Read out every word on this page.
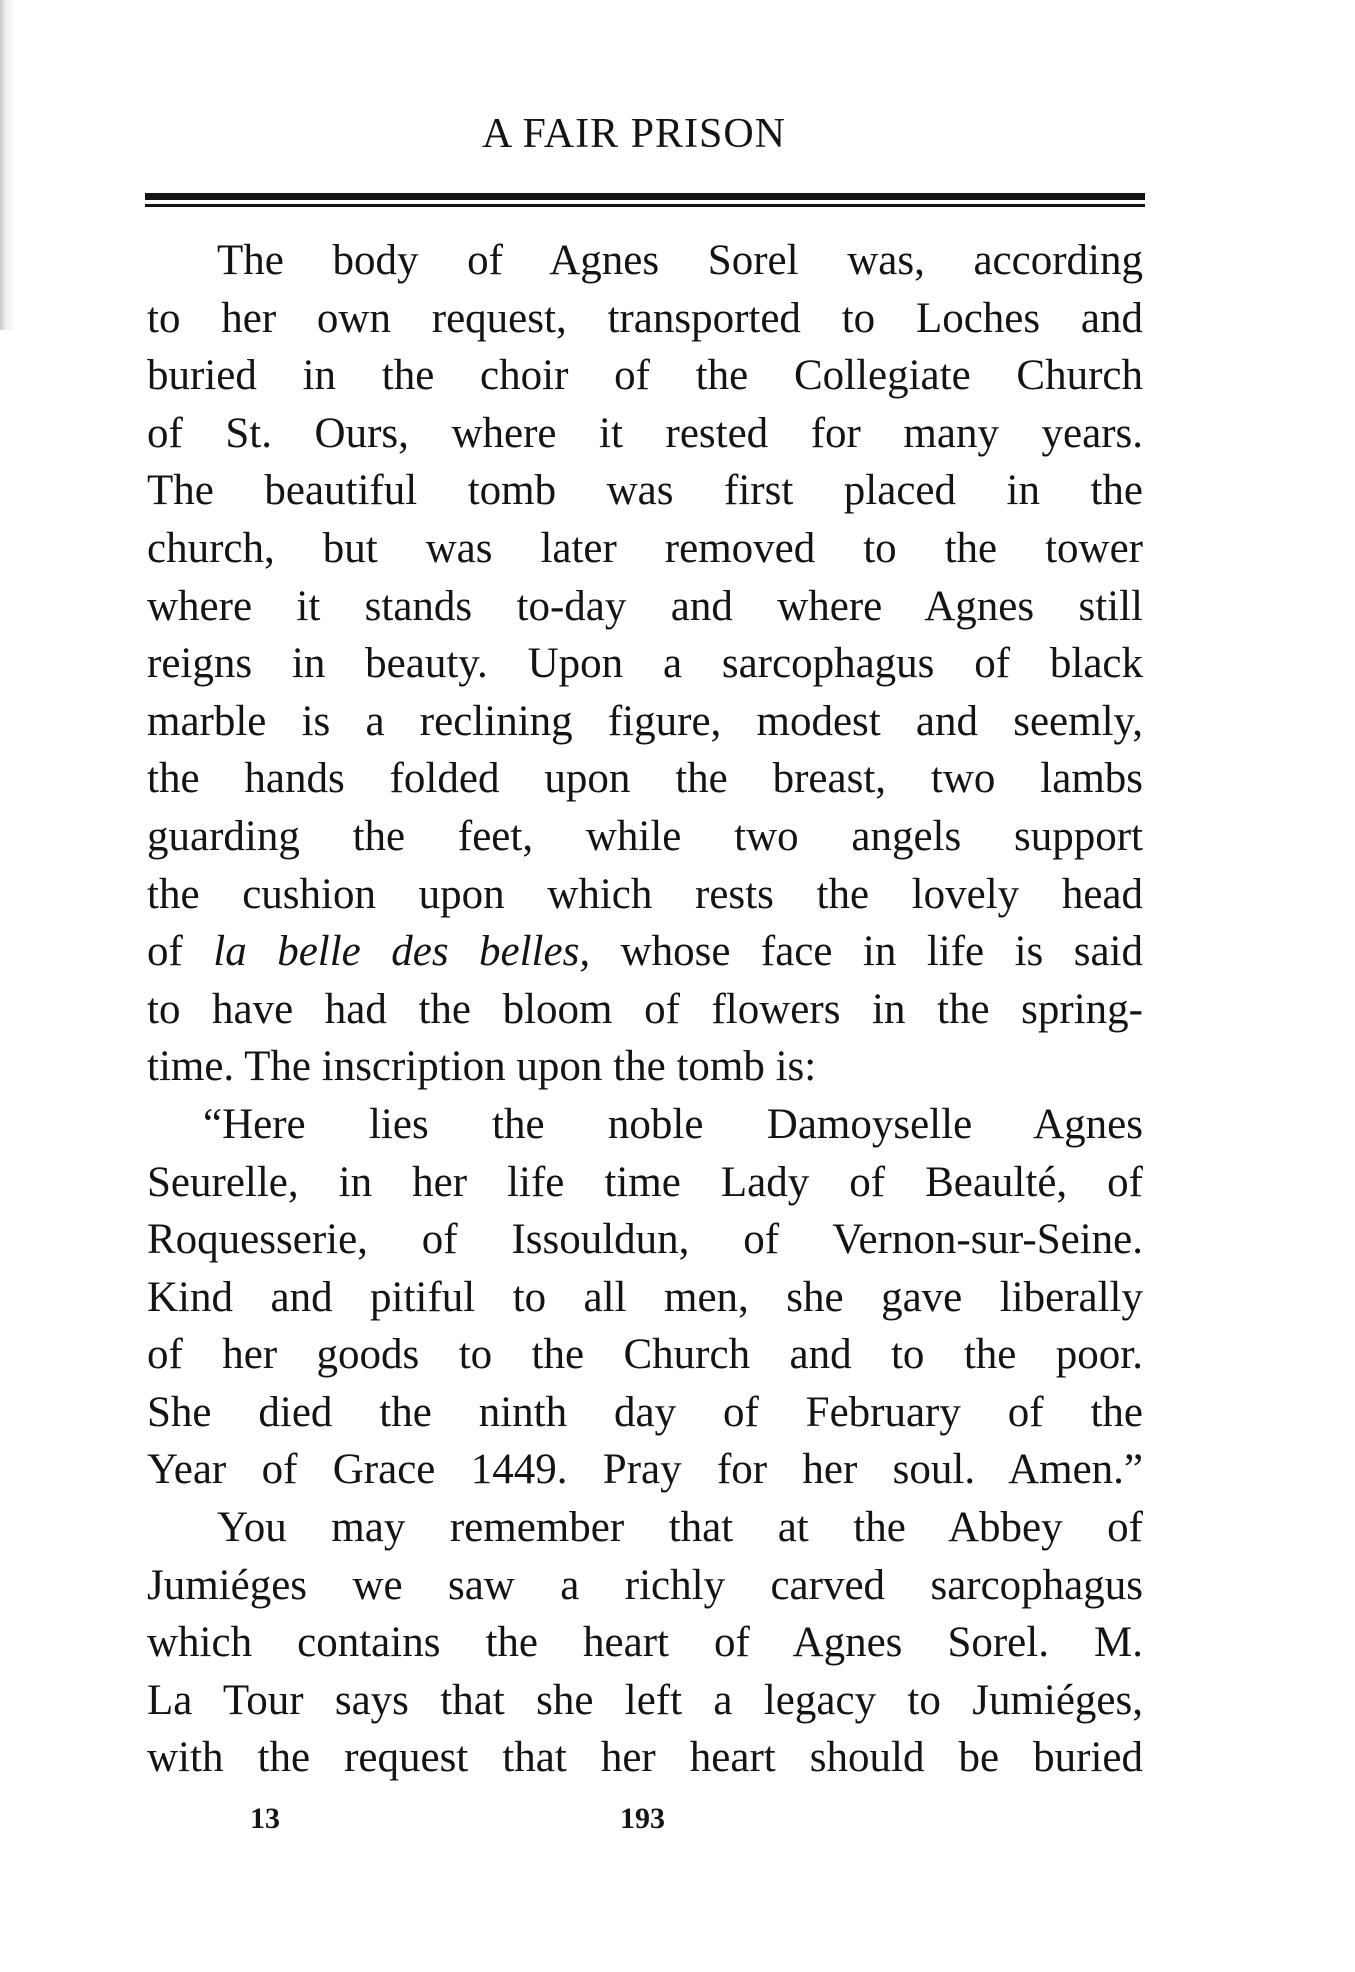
A FAIR PRISON
The body of Agnes Sorel was, according
to her own request, transported to Loches and
buried in the choir of the Collegiate Church
of St. Ours, where it rested for many years.
The beautiful tomb was first placed in the
church, but was later removed to the tower
where it stands to-day and where Agnes still
reigns in beauty. Upon a sarcophagus of black
marble is a reclining figure, modest and seemly,
the hands folded upon the breast, two lambs
guarding the feet, while two angels support
the cushion upon which rests the lovely head
of la belle des belles, whose face in life is said
to have had the bloom of flowers in the spring-
time. The inscription upon the tomb is:
“Here lies the noble Damoyselle Agnes
Seurelle, in her life time Lady of Beaulté, of
Roquesserie, of Issouldun, of Vernon-sur-Seine.
Kind and pitiful to all men, she gave liberally
of her goods to the Church and to the poor.
She died the ninth day of February of the
Year of Grace 1449. Pray for her soul. Amen.”
You may remember that at the Abbey of
Jumiéges we saw a richly carved sarcophagus
which contains the heart of Agnes Sorel. M.
La Tour says that she left a legacy to Jumiéges,
with the request that her heart should be buried
13	193
